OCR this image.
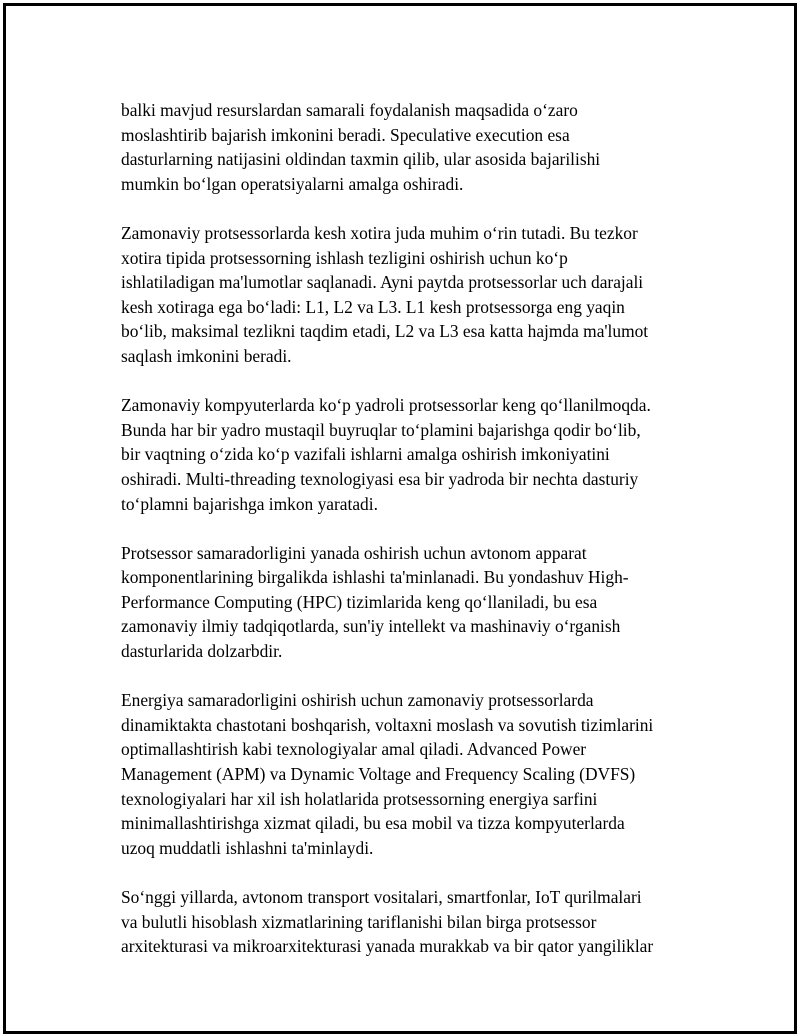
balki mavjud resurslardan samarali foydalanish maqsadida o‘zaro
moslashtirib bajarish imkonini beradi. Speculative execution esa
dasturlarning natijasini oldindan taxmin qilib, ular asosida bajarilishi
mumkin bo‘lgan operatsiyalarni amalga oshiradi.

Zamonaviy protsessorlarda kesh xotira juda muhim o‘rin tutadi. Bu tezkor
xotira tipida protsessorning ishlash tezligini oshirish uchun ko‘p
ishlatiladigan ma'lumotlar saqlanadi. Ayni paytda protsessorlar uch darajali
kesh xotiraga ega bo‘ladi: L1, L2 va L3. L1 kesh protsessorga eng yaqin
bo‘lib, maksimal tezlikni taqdim etadi, L2 va L3 esa katta hajmda ma'lumot
saqlash imkonini beradi.

Zamonaviy kompyuterlarda ko‘p yadroli protsessorlar keng qo‘llanilmoqda.
Bunda har bir yadro mustaqil buyruqlar to‘plamini bajarishga qodir bo‘lib,
bir vaqtning o‘zida ko‘p vazifali ishlarni amalga oshirish imkoniyatini
oshiradi. Multi-threading texnologiyasi esa bir yadroda bir nechta dasturiy
to‘plamni bajarishga imkon yaratadi.

Protsessor samaradorligini yanada oshirish uchun avtonom apparat
komponentlarining birgalikda ishlashi ta'minlanadi. Bu yondashuv High-
Performance Computing (HPC) tizimlarida keng qo‘llaniladi, bu esa
zamonaviy ilmiy tadqiqotlarda, sun'iy intellekt va mashinaviy o‘rganish
dasturlarida dolzarbdir.

Energiya samaradorligini oshirish uchun zamonaviy protsessorlarda
dinamiktakta chastotani boshqarish, voltaxni moslash va sovutish tizimlarini
optimallashtirish kabi texnologiyalar amal qiladi. Advanced Power
Management (APM) va Dynamic Voltage and Frequency Scaling (DVFS)
texnologiyalari har xil ish holatlarida protsessorning energiya sarfini
minimallashtirishga xizmat qiladi, bu esa mobil va tizza kompyuterlarda
uzoq muddatli ishlashni ta'minlaydi.

So‘nggi yillarda, avtonom transport vositalari, smartfonlar, IoT qurilmalari
va bulutli hisoblash xizmatlarining tariflanishi bilan birga protsessor
arxitekturasi va mikroarxitekturasi yanada murakkab va bir qator yangiliklar
